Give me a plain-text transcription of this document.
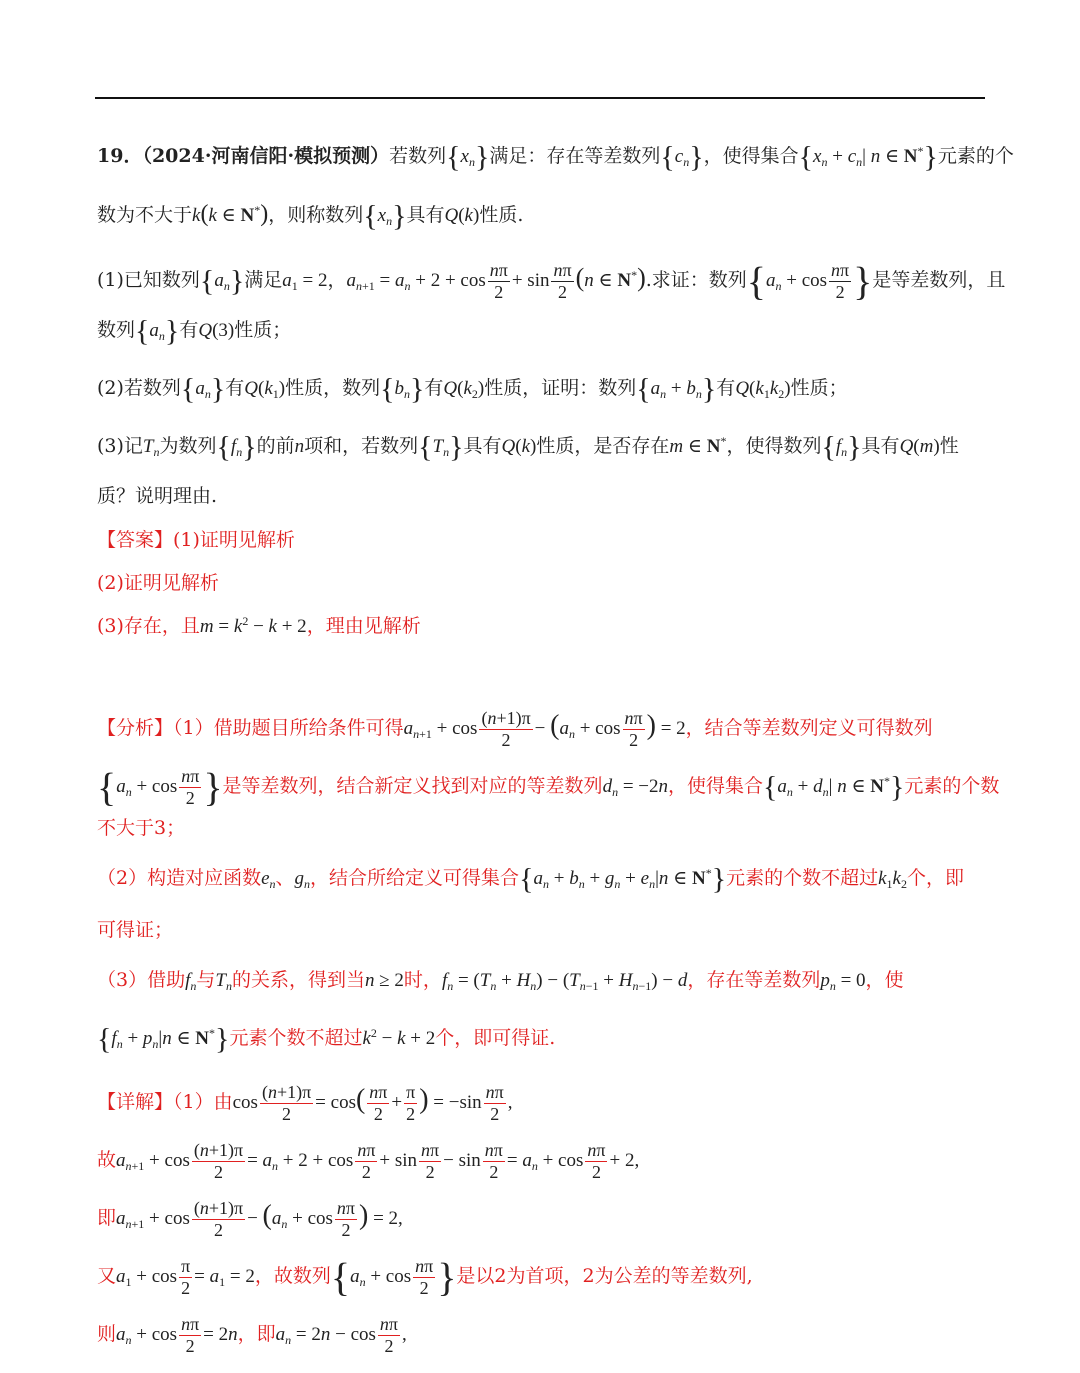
19．（2024·河南信阳·模拟预测）若数列$\{x_n\}$满足：存在等差数列$\{c_n\}$，使得集合{$x_n + c_n|$ n ∈ N*}元素的个
数为不大于k(k ∈ N*)，则称数列$\{x_n\}$具有Q(k)性质.
(1)已知数列$\{a_n\}$满足$a_1 = 2$，$a_{n+1} = a_n + 2 + \cos \frac{n\pi}{2} + \sin \frac{n\pi}{2} (n$ ∈ N*).求证：数列{$a_n + \cos \frac{n\pi}{2}$ }是等差数列，且
数列$\{a_n\}$有Q(3)性质；
(2)若数列$\{a_n\}$有$Q(k_1)$性质，数列$\{b_n\}$有$Q(k_2)$性质，证明：数列$\{a_n + b_n\}$有$Q(k_1k_2)$性质；
(3)记$T_n$为数列$\{f_n\}$的前n项和，若数列$\{T_n\}$具有Q(k)性质，是否存在m ∈ N*，使得数列$\{f_n\}$具有Q(m)性
质？说明理由.
【答案】(1)证明见解析
(2)证明见解析
(3)存在，且$m = k^2 - k + 2$，理由见解析
【分析】（1）借助题目所给条件可得$a_{n+1} + \cos \frac{(n+1)\pi}{2} - (a_n + \cos \frac{n\pi}{2}$ ) = 2，结合等差数列定义可得数列
{$a_n + \cos \frac{n\pi}{2}$ }是等差数列，结合新定义找到对应的等差数列$d_n = -2n$，使得集合{$a_n + d_n|$ n ∈ N*}元素的个数
不大于3；
（2）构造对应函数$e_n$、$g_n$，结合所给定义可得集合{$a_n + b_n + g_n + e_n|n$ ∈ N*}元素的个数不超过$k_1k_2$个，即
可得证；
（3）借助$f_n$与$T_n$的关系，得到当n ≥ 2时，$f_n = (T_n + H_n) - (T_{n-1} + H_{n-1}) - d$，存在等差数列$p_n = 0$，使
{$f_n + p_n|n$ ∈ N*}元素个数不超过$k^2 - k + 2$个，即可得证.
【详解】（1）由$\cos \frac{(n+1)\pi}{2} = \cos( \frac{n\pi}{2} + \frac{\pi}{2}$ ) = $-\sin \frac{n\pi}{2}$ ,
故$a_{n+1} + \cos \frac{(n+1)\pi}{2} = a_n + 2 + \cos \frac{n\pi}{2} + \sin \frac{n\pi}{2} - \sin \frac{n\pi}{2} = a_n + \cos \frac{n\pi}{2} + 2$,
即$a_{n+1} + \cos \frac{(n+1)\pi}{2} - (a_n + \cos \frac{n\pi}{2}$ ) = 2,
又$a_1 + \cos \frac{\pi}{2} = a_1 = 2$，故数列{$a_n + \cos \frac{n\pi}{2}$ }是以2为首项，2为公差的等差数列,
则$a_n + \cos \frac{n\pi}{2} = 2n$，即$a_n = 2n - \cos \frac{n\pi}{2}$ ,
